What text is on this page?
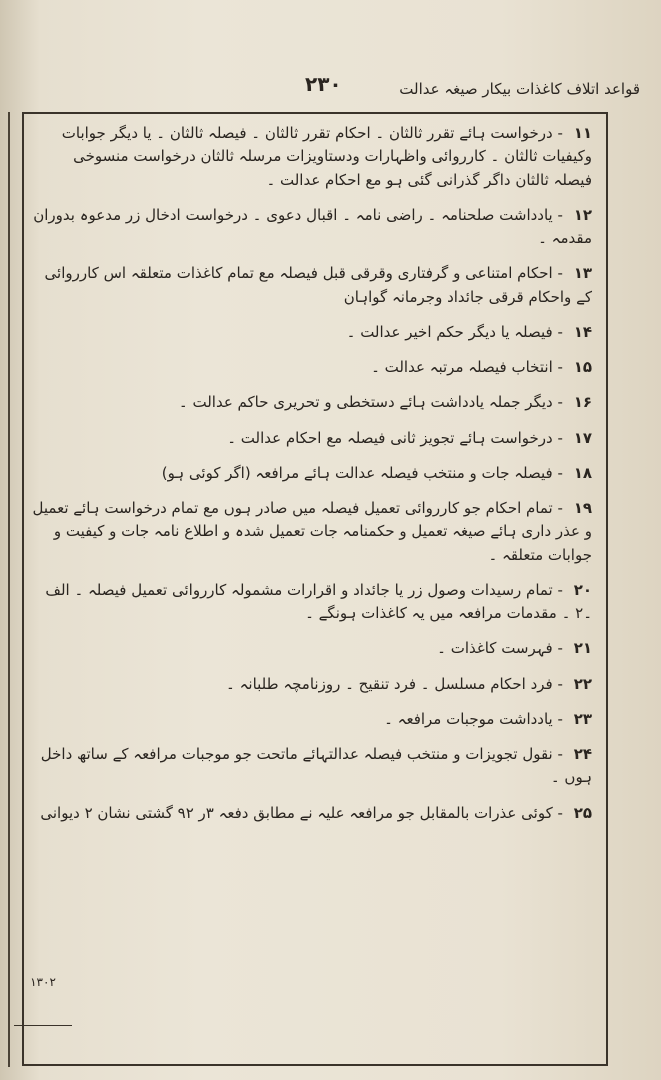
قواعد اتلاف کاغذات بیکار صیغہ عدالت
۲۳۰
۱۱ - درخواست ہائے تقرر ثالثان ۔ احکام تقرر ثالثان ۔ فیصلہ ثالثان ۔ یا دیگر جوابات وکیفیات ثالثان ۔ کارروائی واظہارات ودستاویزات مرسلہ ثالثان درخواست منسوخی فیصلہ ثالثان داگر گذرانی گئی ہو مع احکام عدالت ۔
۱۲ - یادداشت صلحنامہ ۔ راضی نامہ ۔ اقبال دعوی ۔ درخواست ادخال زر مدعوہ بدوران مقدمہ ۔
۱۳ - احکام امتناعی و گرفتاری وقرقی قبل فیصلہ مع تمام کاغذات متعلقہ اس کارروائی کے واحکام قرقی جائداد وجرمانہ گواہان
۱۴ - فیصلہ یا دیگر حکم اخیر عدالت ۔
۱۵ - انتخاب فیصلہ مرتبہ عدالت ۔
۱۶ - دیگر جملہ یادداشت ہائے دستخطی و تحریری حاکم عدالت ۔
۱۷ - درخواست ہائے تجویز ثانی فیصلہ مع احکام عدالت ۔
۱۸ - فیصلہ جات و منتخب فیصلہ عدالت ہائے مرافعہ (اگر کوئی ہو)
۱۹ - تمام احکام جو کارروائی تعمیل فیصلہ میں صادر ہوں مع تمام درخواست ہائے تعمیل و عذر داری ہائے صیغہ تعمیل و حکمنامہ جات تعمیل شدہ و اطلاع نامہ جات و کیفیت و جوابات متعلقہ ۔
۲۰ - تمام رسیدات وصول زر یا جائداد و اقرارات مشمولہ کارروائی تعمیل فیصلہ ۔ الف ۔۲ ۔ مقدمات مرافعہ میں یہ کاغذات ہونگے ۔
۲۱ - فہرست کاغذات ۔
۲۲ - فرد احکام مسلسل ۔ فرد تنقیح ۔ روزنامچہ طلبانہ ۔
۲۳ - یادداشت موجبات مرافعہ ۔
۲۴ - نقول تجویزات و منتخب فیصلہ عدالتہائے ماتحت جو موجبات مرافعہ کے ساتھ داخل ہوں ۔
۲۵ - کوئی عذرات بالمقابل جو مرافعہ علیہ نے مطابق دفعہ ۳ر ۹۲ گشتی نشان ۲ دیوانی
۱۳۰۲
